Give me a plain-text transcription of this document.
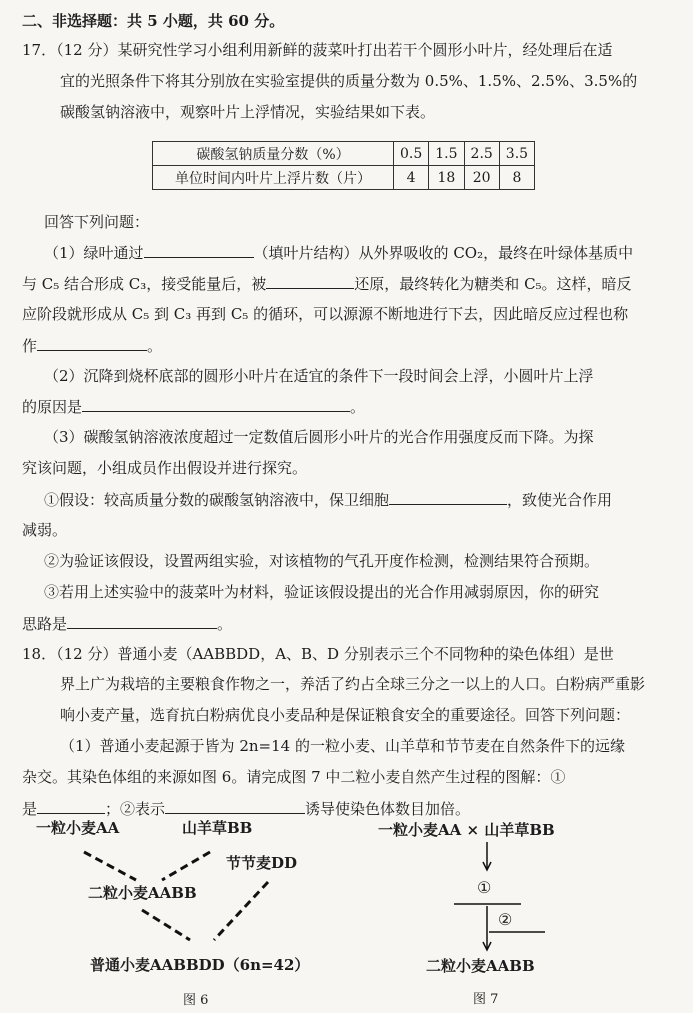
二、非选择题：共 5 小题，共 60 分。
17．（12 分）某研究性学习小组利用新鲜的菠菜叶打出若干个圆形小叶片，经处理后在适
宜的光照条件下将其分别放在实验室提供的质量分数为 0.5%、1.5%、2.5%、3.5%的
碳酸氢钠溶液中，观察叶片上浮情况，实验结果如下表。
碳酸氢钠质量分数（%）	0.5	1.5	2.5	3.5
单位时间内叶片上浮片数（片）	4	18	20	8
回答下列问题：
（1）绿叶通过	（填叶片结构）从外界吸收的 CO₂，最终在叶绿体基质中
与 C₅ 结合形成 C₃，接受能量后，被	还原，最终转化为糖类和 C₅。这样，暗反
应阶段就形成从 C₅ 到 C₃ 再到 C₅ 的循环，可以源源不断地进行下去，因此暗反应过程也称
作	。
（2）沉降到烧杯底部的圆形小叶片在适宜的条件下一段时间会上浮，小圆叶片上浮
的原因是	。
（3）碳酸氢钠溶液浓度超过一定数值后圆形小叶片的光合作用强度反而下降。为探
究该问题，小组成员作出假设并进行探究。
①假设：较高质量分数的碳酸氢钠溶液中，保卫细胞	，致使光合作用
减弱。
②为验证该假设，设置两组实验，对该植物的气孔开度作检测，检测结果符合预期。
③若用上述实验中的菠菜叶为材料，验证该假设提出的光合作用减弱原因，你的研究
思路是	。
18．（12 分）普通小麦（AABBDD，A、B、D 分别表示三个不同物种的染色体组）是世
界上广为栽培的主要粮食作物之一，养活了约占全球三分之一以上的人口。白粉病严重影
响小麦产量，选育抗白粉病优良小麦品种是保证粮食安全的重要途径。回答下列问题：
（1）普通小麦起源于皆为 2n=14 的一粒小麦、山羊草和节节麦在自然条件下的远缘
杂交。其染色体组的来源如图 6。请完成图 7 中二粒小麦自然产生过程的图解：①
是	；②表示	诱导使染色体数目加倍。
一粒小麦AA	山羊草BB
二粒小麦AABB
节节麦DD
普通小麦AABBDD（6n=42）
图 6
一粒小麦AA × 山羊草BB
①
②
二粒小麦AABB
图 7
